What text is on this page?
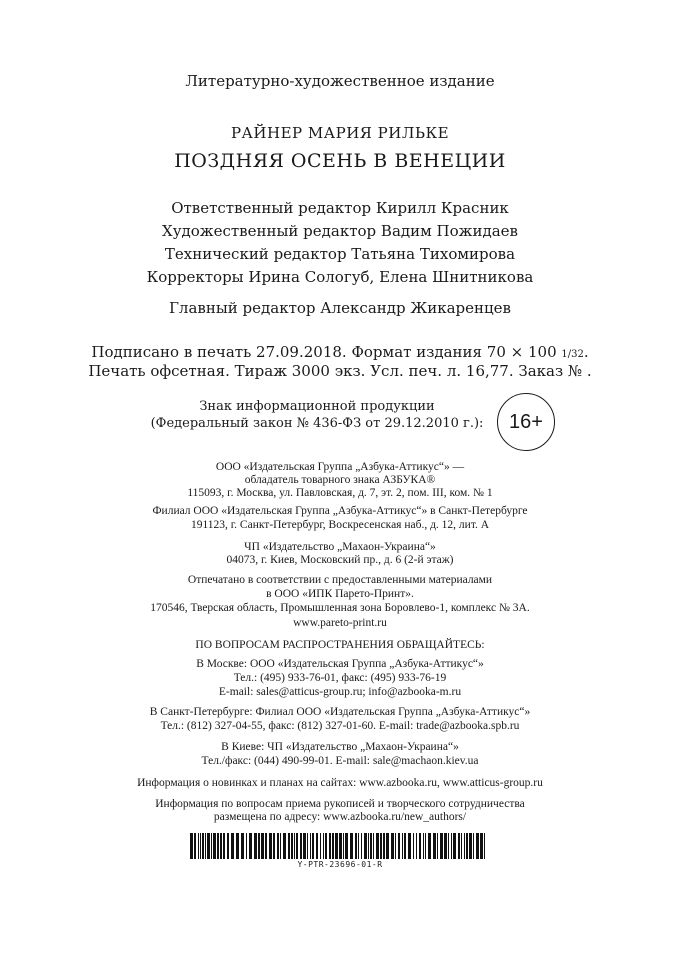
Литературно-художественное издание
РАЙНЕР МАРИЯ РИЛЬКЕ
ПОЗДНЯЯ ОСЕНЬ В ВЕНЕЦИИ
Ответственный редактор Кирилл Красник
Художественный редактор Вадим Пожидаев
Технический редактор Татьяна Тихомирова
Корректоры Ирина Сологуб, Елена Шнитникова
Главный редактор Александр Жикаренцев
Подписано в печать 27.09.2018. Формат издания 70 × 100 1/32.
Печать офсетная. Тираж 3000 экз. Усл. печ. л. 16,77. Заказ № .
Знак информационной продукции
(Федеральный закон № 436-ФЗ от 29.12.2010 г.):	16+
ООО «Издательская Группа „Азбука-Аттикус“» —
обладатель товарного знака АЗБУКА®
115093, г. Москва, ул. Павловская, д. 7, эт. 2, пом. III, ком. № 1
Филиал ООО «Издательская Группа „Азбука-Аттикус“» в Санкт-Петербурге
191123, г. Санкт-Петербург, Воскресенская наб., д. 12, лит. А
ЧП «Издательство „Махаон-Украина“»
04073, г. Киев, Московский пр., д. 6 (2-й этаж)
Отпечатано в соответствии с предоставленными материалами
в ООО «ИПК Парето-Принт».
170546, Тверская область, Промышленная зона Боровлево-1, комплекс № 3А.
www.pareto-print.ru
ПО ВОПРОСАМ РАСПРОСТРАНЕНИЯ ОБРАЩАЙТЕСЬ:
В Москве: ООО «Издательская Группа „Азбука-Аттикус“»
Тел.: (495) 933-76-01, факс: (495) 933-76-19
E-mail: sales@atticus-group.ru; info@azbooka-m.ru
В Санкт-Петербурге: Филиал ООО «Издательская Группа „Азбука-Аттикус“»
Тел.: (812) 327-04-55, факс: (812) 327-01-60. E-mail: trade@azbooka.spb.ru
В Киеве: ЧП «Издательство „Махаон-Украина“»
Тел./факс: (044) 490-99-01. E-mail: sale@machaon.kiev.ua
Информация о новинках и планах на сайтах: www.azbooka.ru, www.atticus-group.ru
Информация по вопросам приема рукописей и творческого сотрудничества
размещена по адресу: www.azbooka.ru/new_authors/
Y-PTR-23696-01-R
